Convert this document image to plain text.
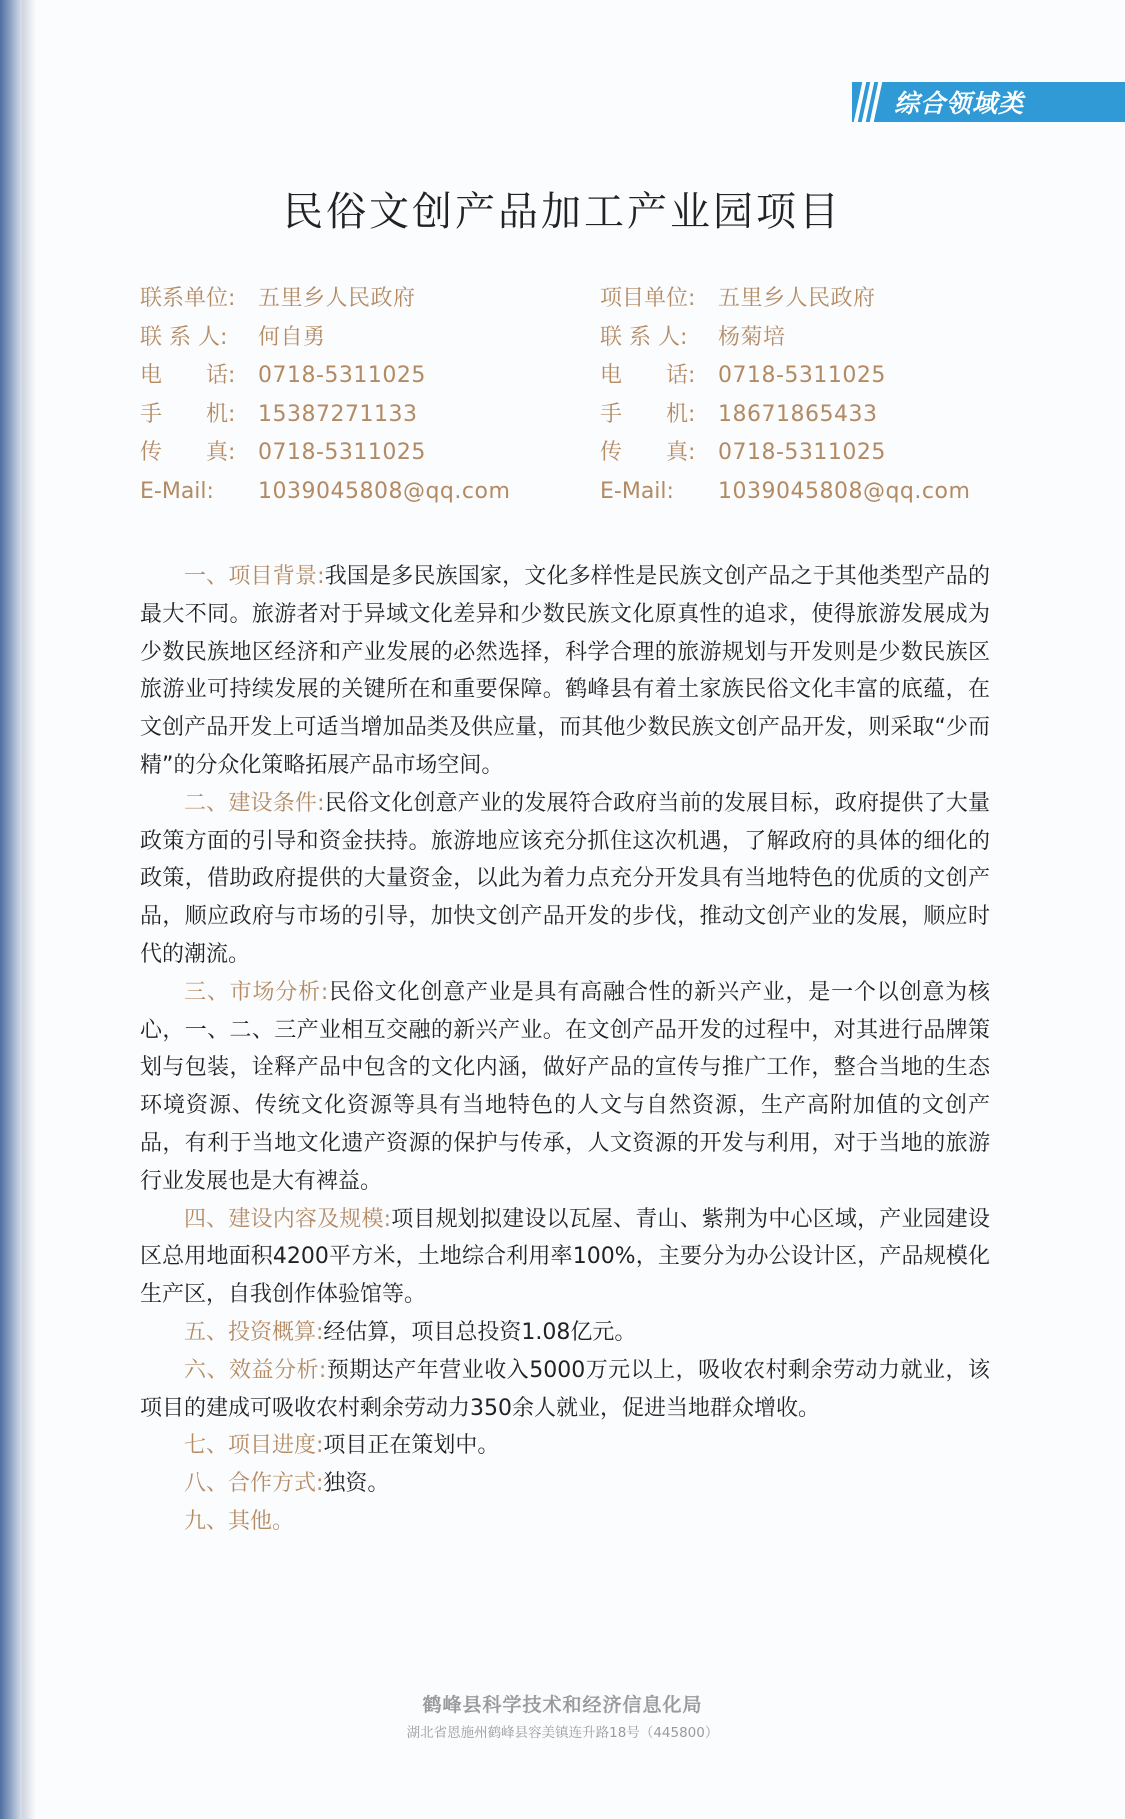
综合领域类
民俗文创产品加工产业园项目
联系单位:	五里乡人民政府
联 系 人:	何自勇
电　　话:	0718-5311025
手　　机:	15387271133
传　　真:	0718-5311025
E-Mail:	1039045808@qq.com
项目单位:	五里乡人民政府
联 系 人:	杨菊培
电　　话:	0718-5311025
手　　机:	18671865433
传　　真:	0718-5311025
E-Mail:	1039045808@qq.com

一、项目背景:我国是多民族国家，文化多样性是民族文创产品之于其他类型产品的最大不同。旅游者对于异域文化差异和少数民族文化原真性的追求，使得旅游发展成为少数民族地区经济和产业发展的必然选择，科学合理的旅游规划与开发则是少数民族区旅游业可持续发展的关键所在和重要保障。鹤峰县有着土家族民俗文化丰富的底蕴，在文创产品开发上可适当增加品类及供应量，而其他少数民族文创产品开发，则采取“少而精”的分众化策略拓展产品市场空间。

二、建设条件:民俗文化创意产业的发展符合政府当前的发展目标，政府提供了大量政策方面的引导和资金扶持。旅游地应该充分抓住这次机遇，了解政府的具体的细化的政策，借助政府提供的大量资金，以此为着力点充分开发具有当地特色的优质的文创产品，顺应政府与市场的引导，加快文创产品开发的步伐，推动文创产业的发展，顺应时代的潮流。

三、市场分析:民俗文化创意产业是具有高融合性的新兴产业，是一个以创意为核心，一、二、三产业相互交融的新兴产业。在文创产品开发的过程中，对其进行品牌策划与包装，诠释产品中包含的文化内涵，做好产品的宣传与推广工作，整合当地的生态环境资源、传统文化资源等具有当地特色的人文与自然资源，生产高附加值的文创产品，有利于当地文化遗产资源的保护与传承，人文资源的开发与利用，对于当地的旅游行业发展也是大有裨益。

四、建设内容及规模:项目规划拟建设以瓦屋、青山、紫荆为中心区域，产业园建设区总用地面积4200平方米，土地综合利用率100%，主要分为办公设计区，产品规模化生产区，自我创作体验馆等。

五、投资概算:经估算，项目总投资1.08亿元。

六、效益分析:预期达产年营业收入5000万元以上，吸收农村剩余劳动力就业，该项目的建成可吸收农村剩余劳动力350余人就业，促进当地群众增收。

七、项目进度:项目正在策划中。

八、合作方式:独资。

九、其他。

鹤峰县科学技术和经济信息化局
湖北省恩施州鹤峰县容美镇连升路18号（445800）
